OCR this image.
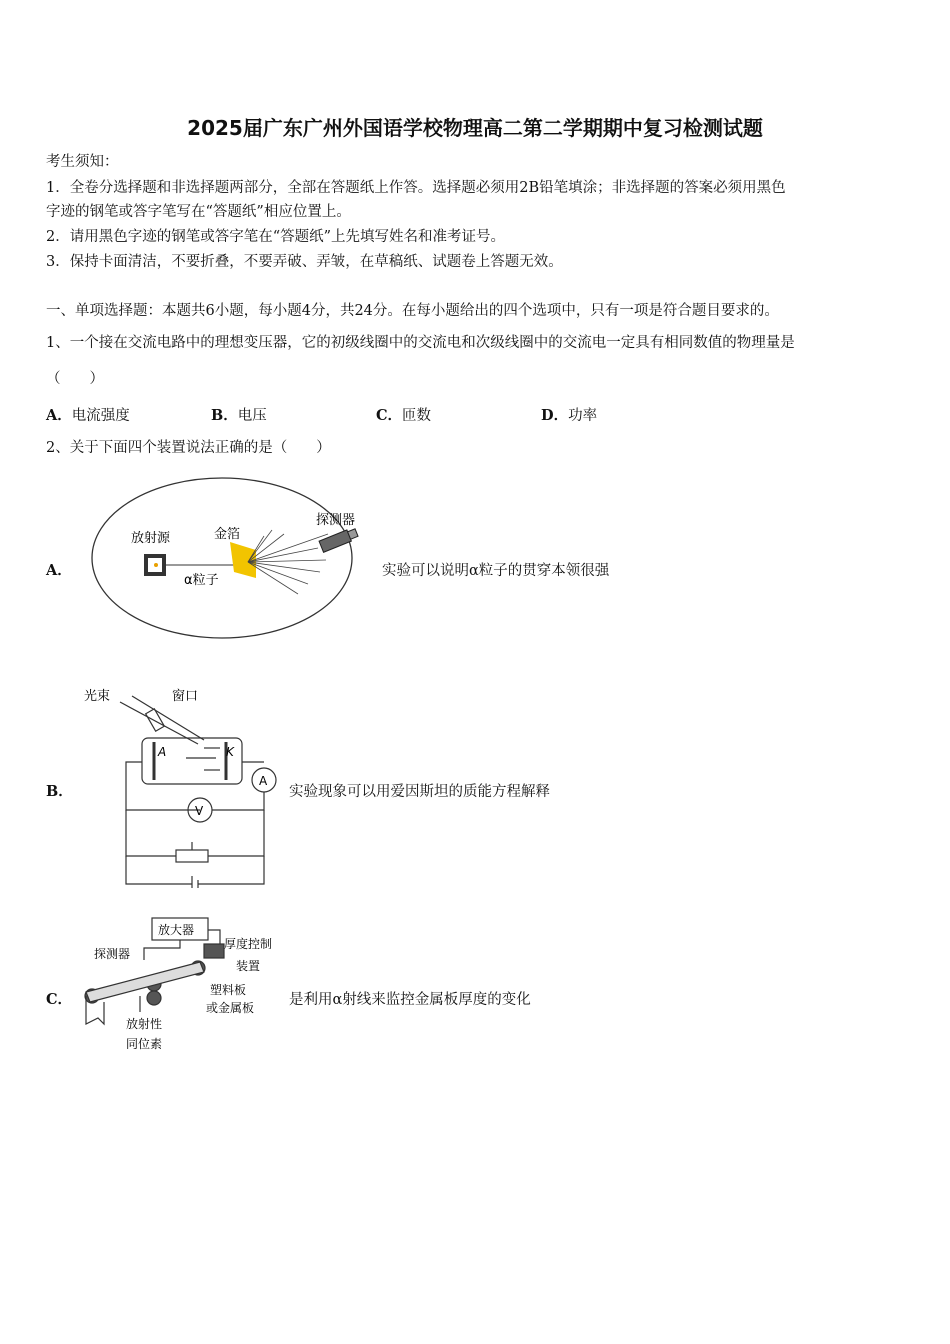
2025届广东广州外国语学校物理高二第二学期期中复习检测试题
考生须知：
1．全卷分选择题和非选择题两部分，全部在答题纸上作答。选择题必须用2B铅笔填涂；非选择题的答案必须用黑色
字迹的钢笔或答字笔写在“答题纸”相应位置上。
2．请用黑色字迹的钢笔或答字笔在“答题纸”上先填写姓名和准考证号。
3．保持卡面清洁，不要折叠，不要弄破、弄皱，在草稿纸、试题卷上答题无效。
一、单项选择题：本题共6小题，每小题4分，共24分。在每小题给出的四个选项中，只有一项是符合题目要求的。
1、一个接在交流电路中的理想变压器，它的初级线圈中的交流电和次级线圈中的交流电一定具有相同数值的物理量是
（　　）
A．电流强度	B．电压	C．匝数	D．功率
2、关于下面四个装置说法正确的是（　　）
A．
放射源	金箔
探测器
α粒子
实验可以说明α粒子的贯穿本领很强
B．
光束	窗口
A	K
A
V
实验现象可以用爱因斯坦的质能方程解释
C．
放大器
探测器
厚度控制
装置
塑料板
或金属板
放射性
同位素
是利用α射线来监控金属板厚度的变化
